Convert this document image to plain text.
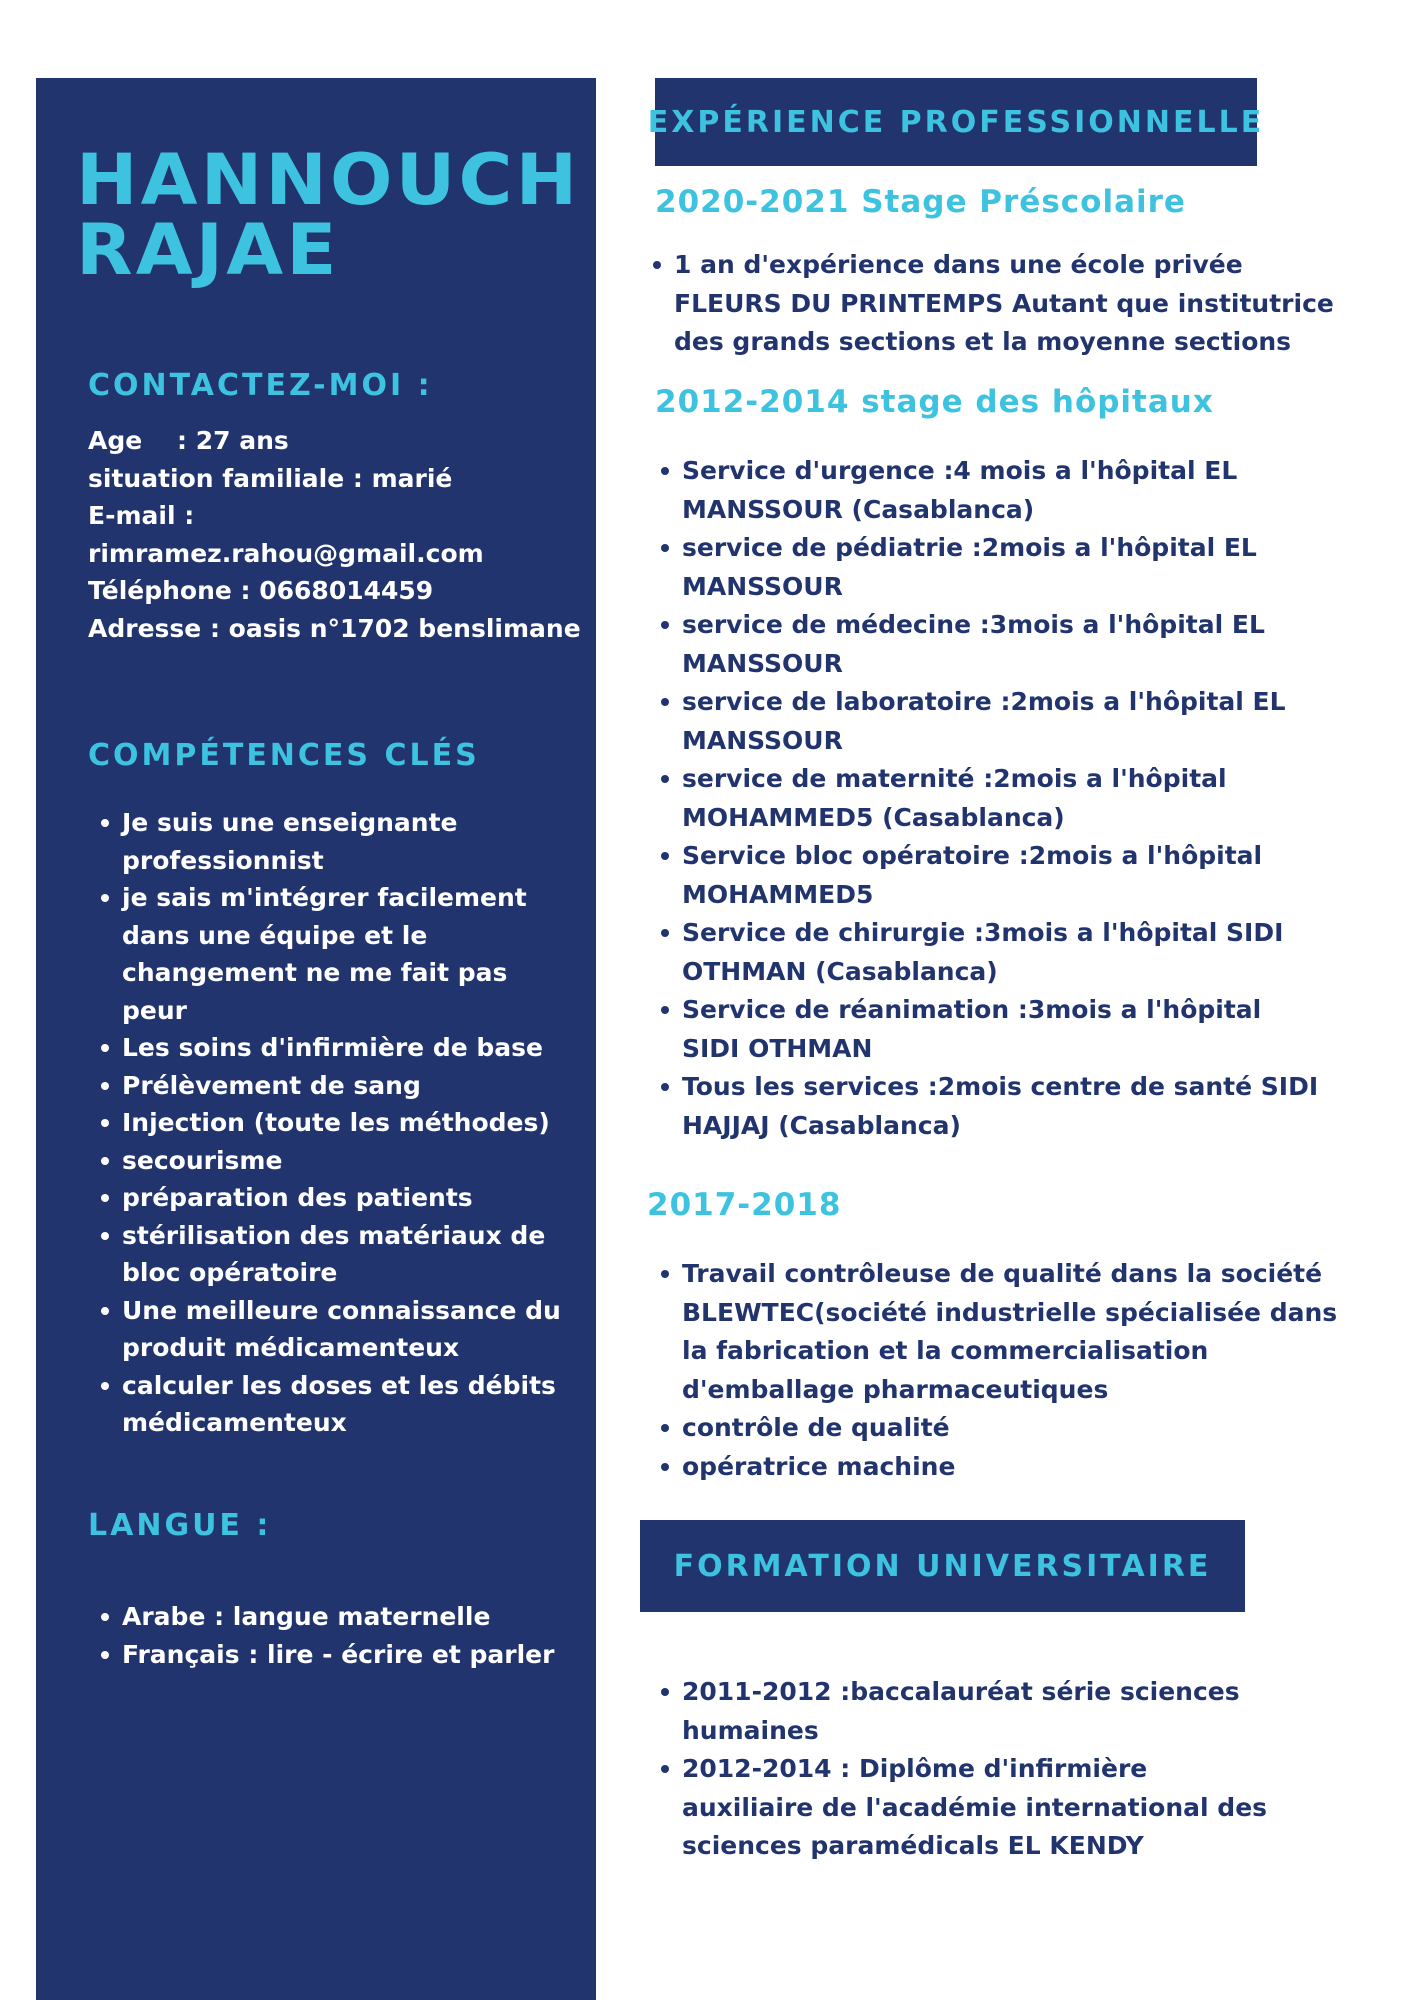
HANNOUCH
RAJAE
CONTACTEZ-MOI :
Age    : 27 ans
situation familiale : marié
E-mail :
rimramez.rahou@gmail.com
Téléphone : 0668014459
Adresse : oasis n°1702 benslimane
COMPÉTENCES CLÉS
Je suis une enseignante professionnist
je sais m'intégrer facilement dans une équipe et le changement ne me fait pas peur
Les soins d'infirmière de base
Prélèvement de sang
Injection (toute les méthodes)
secourisme
préparation des patients
stérilisation des matériaux de bloc opératoire
Une meilleure connaissance du produit médicamenteux
calculer les doses et les débits médicamenteux
LANGUE :
Arabe : langue maternelle
Français : lire - écrire et parler
EXPÉRIENCE PROFESSIONNELLE
2020-2021 Stage Préscolaire
1 an d'expérience dans une école privée FLEURS DU PRINTEMPS Autant que institutrice des grands sections et la moyenne sections
2012-2014 stage des hôpitaux
Service d'urgence :4 mois a l'hôpital EL MANSSOUR (Casablanca)
service de pédiatrie :2mois a l'hôpital EL MANSSOUR
service de médecine :3mois a l'hôpital EL MANSSOUR
service de laboratoire :2mois a l'hôpital EL MANSSOUR
service de maternité :2mois a l'hôpital MOHAMMED5 (Casablanca)
Service bloc opératoire :2mois a l'hôpital MOHAMMED5
Service de chirurgie :3mois a l'hôpital SIDI OTHMAN (Casablanca)
Service de réanimation :3mois a l'hôpital SIDI OTHMAN
Tous les services :2mois centre de santé SIDI HAJJAJ (Casablanca)
2017-2018
Travail contrôleuse de qualité dans la société BLEWTEC(société industrielle spécialisée dans la fabrication et la commercialisation d'emballage pharmaceutiques
contrôle de qualité
opératrice machine
FORMATION UNIVERSITAIRE
2011-2012 :baccalauréat série sciences humaines
2012-2014 : Diplôme d'infirmière auxiliaire de l'académie international des sciences paramédicals EL KENDY
